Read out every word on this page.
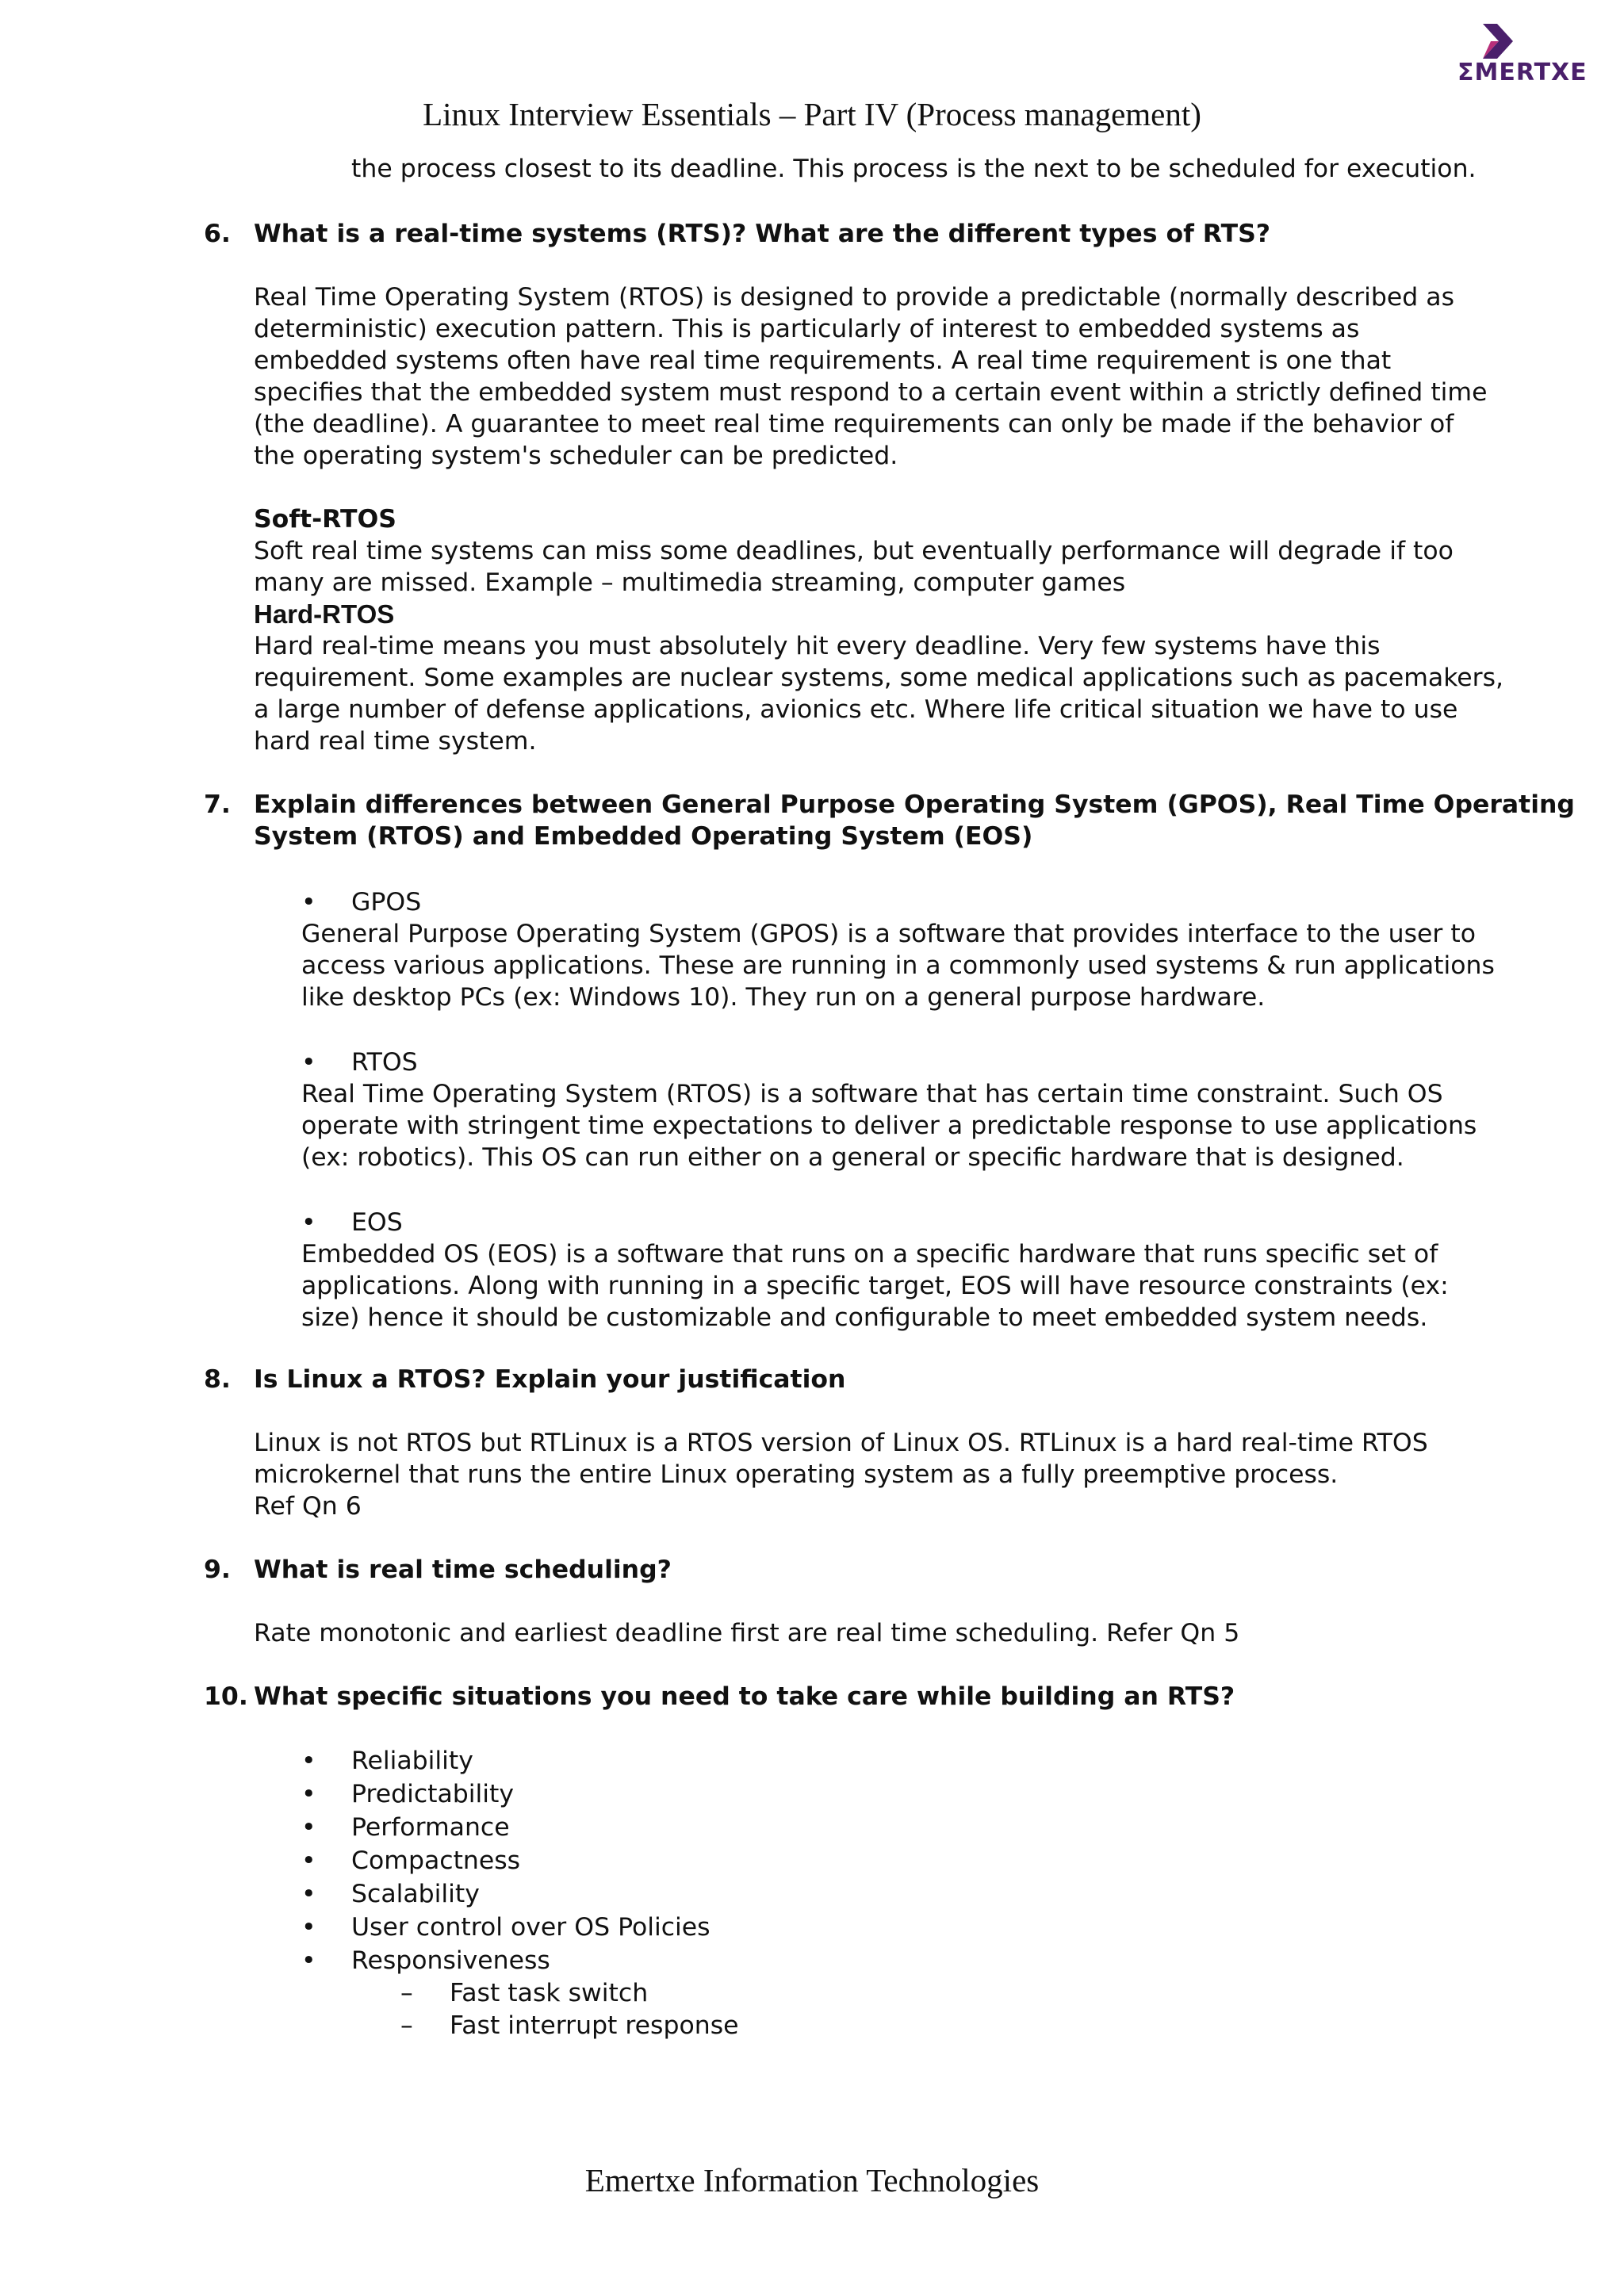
ΣMERTXE
Linux Interview Essentials – Part IV (Process management)
the process closest to its deadline. This process is the next to be scheduled for execution.
6. What is a real-time systems (RTS)? What are the different types of RTS?
Real Time Operating System (RTOS) is designed to provide a predictable (normally described as
deterministic) execution pattern. This is particularly of interest to embedded systems as
embedded systems often have real time requirements. A real time requirement is one that
specifies that the embedded system must respond to a certain event within a strictly defined time
(the deadline). A guarantee to meet real time requirements can only be made if the behavior of
the operating system's scheduler can be predicted.
Soft-RTOS
Soft real time systems can miss some deadlines, but eventually performance will degrade if too
many are missed. Example – multimedia streaming, computer games
Hard-RTOS
Hard real-time means you must absolutely hit every deadline. Very few systems have this
requirement. Some examples are nuclear systems, some medical applications such as pacemakers,
a large number of defense applications, avionics etc. Where life critical situation we have to use
hard real time system.
7. Explain differences between General Purpose Operating System (GPOS), Real Time Operating
System (RTOS) and Embedded Operating System (EOS)
• GPOS
General Purpose Operating System (GPOS) is a software that provides interface to the user to
access various applications. These are running in a commonly used systems & run applications
like desktop PCs (ex: Windows 10). They run on a general purpose hardware.
• RTOS
Real Time Operating System (RTOS) is a software that has certain time constraint. Such OS
operate with stringent time expectations to deliver a predictable response to use applications
(ex: robotics). This OS can run either on a general or specific hardware that is designed.
• EOS
Embedded OS (EOS) is a software that runs on a specific hardware that runs specific set of
applications. Along with running in a specific target, EOS will have resource constraints (ex:
size) hence it should be customizable and configurable to meet embedded system needs.
8. Is Linux a RTOS? Explain your justification
Linux is not RTOS but RTLinux is a RTOS version of Linux OS. RTLinux is a hard real-time RTOS
microkernel that runs the entire Linux operating system as a fully preemptive process.
Ref Qn 6
9. What is real time scheduling?
Rate monotonic and earliest deadline first are real time scheduling. Refer Qn 5
10. What specific situations you need to take care while building an RTS?
• Reliability
• Predictability
• Performance
• Compactness
• Scalability
• User control over OS Policies
• Responsiveness
– Fast task switch
– Fast interrupt response
Emertxe Information Technologies
